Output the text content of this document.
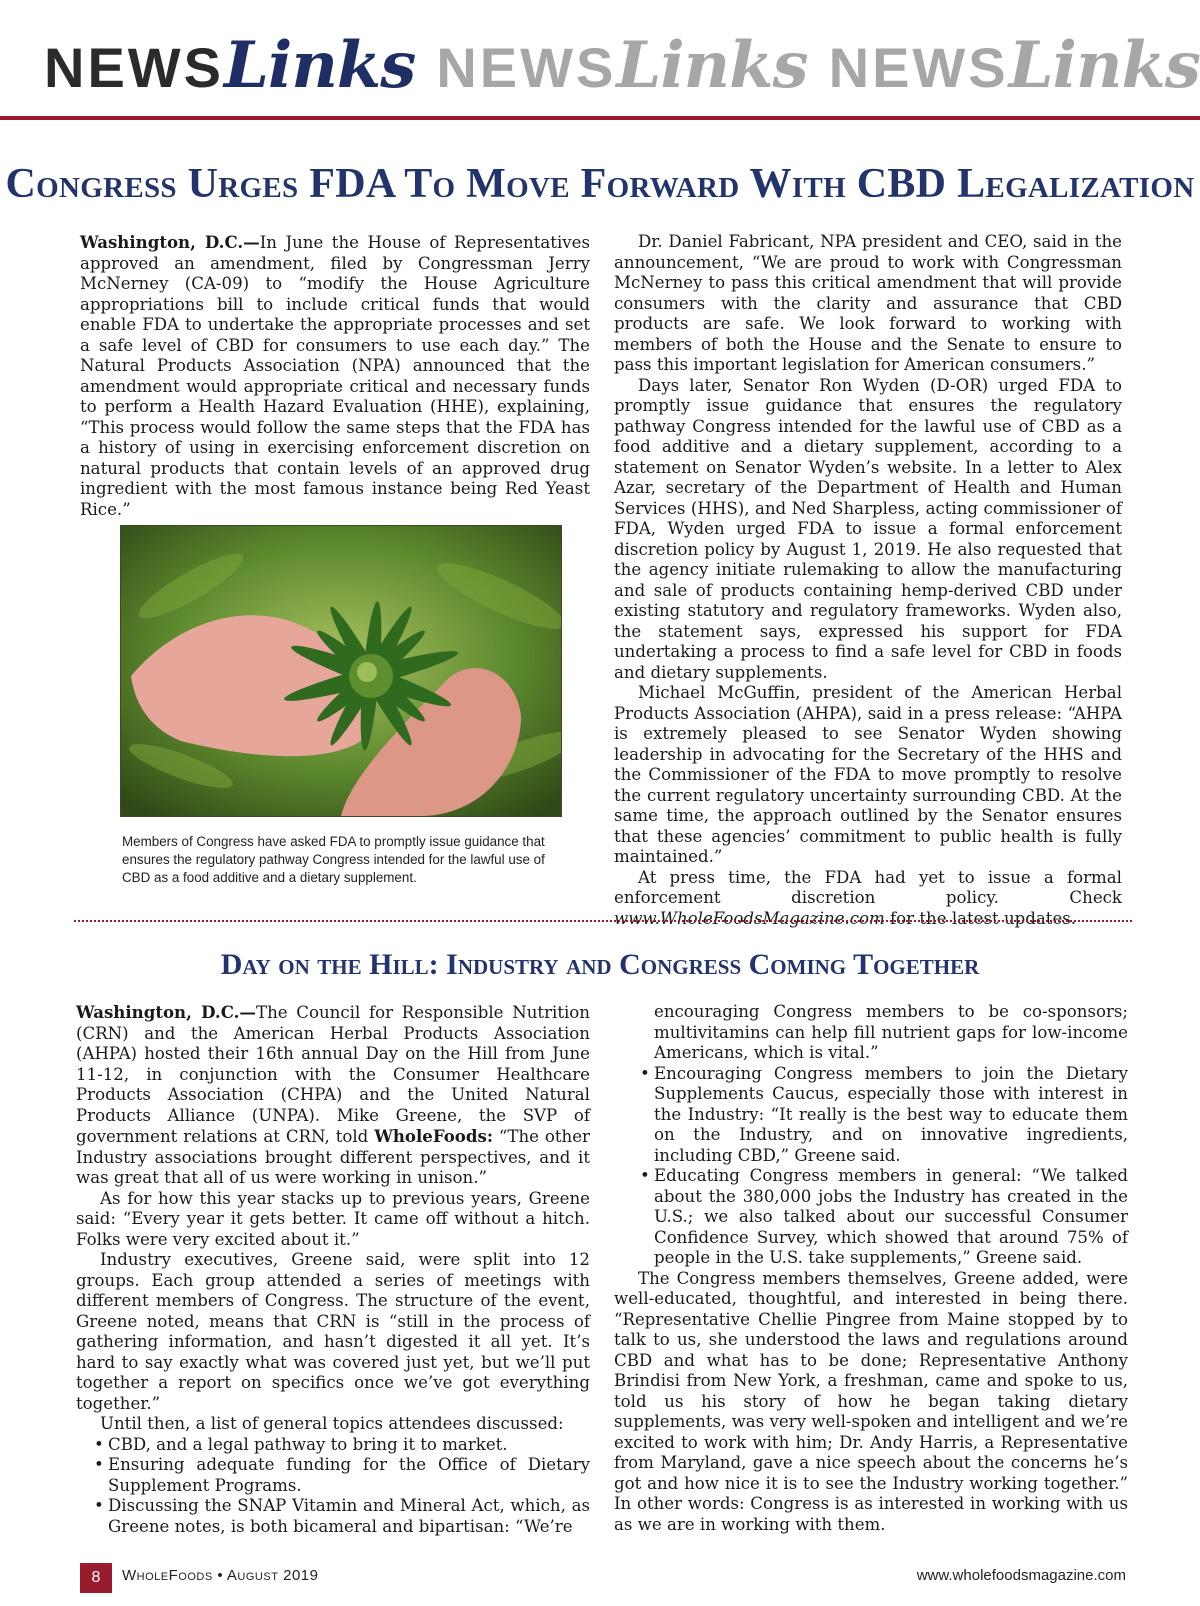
NEWSLinks NEWSLinks NEWSLinks
Congress Urges FDA To Move Forward With CBD Legalization

Washington, D.C.—In June the House of Representatives approved an amendment, filed by Congressman Jerry McNerney (CA-09) to “modify the House Agriculture appropriations bill to include critical funds that would enable FDA to undertake the appropriate processes and set a safe level of CBD for consumers to use each day.” The Natural Products Association (NPA) announced that the amendment would appropriate critical and necessary funds to perform a Health Hazard Evaluation (HHE), explaining, “This process would follow the same steps that the FDA has a history of using in exercising enforcement discretion on natural products that contain levels of an approved drug ingredient with the most famous instance being Red Yeast Rice.”

Members of Congress have asked FDA to promptly issue guidance that ensures the regulatory pathway Congress intended for the lawful use of CBD as a food additive and a dietary supplement.

Dr. Daniel Fabricant, NPA president and CEO, said in the announcement, “We are proud to work with Congressman McNerney to pass this critical amendment that will provide consumers with the clarity and assurance that CBD products are safe. We look forward to working with members of both the House and the Senate to ensure to pass this important legislation for American consumers.”

Days later, Senator Ron Wyden (D-OR) urged FDA to promptly issue guidance that ensures the regulatory pathway Congress intended for the lawful use of CBD as a food additive and a dietary supplement, according to a statement on Senator Wyden’s website. In a letter to Alex Azar, secretary of the Department of Health and Human Services (HHS), and Ned Sharpless, acting commissioner of FDA, Wyden urged FDA to issue a formal enforcement discretion policy by August 1, 2019. He also requested that the agency initiate rulemaking to allow the manufacturing and sale of products containing hemp-derived CBD under existing statutory and regulatory frameworks. Wyden also, the statement says, expressed his support for FDA undertaking a process to find a safe level for CBD in foods and dietary supplements.

Michael McGuffin, president of the American Herbal Products Association (AHPA), said in a press release: “AHPA is extremely pleased to see Senator Wyden showing leadership in advocating for the Secretary of the HHS and the Commissioner of the FDA to move promptly to resolve the current regulatory uncertainty surrounding CBD. At the same time, the approach outlined by the Senator ensures that these agencies’ commitment to public health is fully maintained.”

At press time, the FDA had yet to issue a formal enforcement discretion policy. Check www.WholeFoodsMagazine.com for the latest updates.

Day on the Hill: Industry and Congress Coming Together

Washington, D.C.—The Council for Responsible Nutrition (CRN) and the American Herbal Products Association (AHPA) hosted their 16th annual Day on the Hill from June 11-12, in conjunction with the Consumer Healthcare Products Association (CHPA) and the United Natural Products Alliance (UNPA). Mike Greene, the SVP of government relations at CRN, told WholeFoods: “The other Industry associations brought different perspectives, and it was great that all of us were working in unison.”

As for how this year stacks up to previous years, Greene said: “Every year it gets better. It came off without a hitch. Folks were very excited about it.”

Industry executives, Greene said, were split into 12 groups. Each group attended a series of meetings with different members of Congress. The structure of the event, Greene noted, means that CRN is “still in the process of gathering information, and hasn’t digested it all yet. It’s hard to say exactly what was covered just yet, but we’ll put together a report on specifics once we’ve got everything together.”

Until then, a list of general topics attendees discussed:

• CBD, and a legal pathway to bring it to market.

• Ensuring adequate funding for the Office of Dietary Supplement Programs.

• Discussing the SNAP Vitamin and Mineral Act, which, as Greene notes, is both bicameral and bipartisan: “We’re

encouraging Congress members to be co-sponsors; multivitamins can help fill nutrient gaps for low-income Americans, which is vital.”

• Encouraging Congress members to join the Dietary Supplements Caucus, especially those with interest in the Industry: “It really is the best way to educate them on the Industry, and on innovative ingredients, including CBD,” Greene said.

• Educating Congress members in general: “We talked about the 380,000 jobs the Industry has created in the U.S.; we also talked about our successful Consumer Confidence Survey, which showed that around 75% of people in the U.S. take supplements,” Greene said.

The Congress members themselves, Greene added, were well-educated, thoughtful, and interested in being there. “Representative Chellie Pingree from Maine stopped by to talk to us, she understood the laws and regulations around CBD and what has to be done; Representative Anthony Brindisi from New York, a freshman, came and spoke to us, told us his story of how he began taking dietary supplements, was very well-spoken and intelligent and we’re excited to work with him; Dr. Andy Harris, a Representative from Maryland, gave a nice speech about the concerns he’s got and how nice it is to see the Industry working together.” In other words: Congress is as interested in working with us as we are in working with them.

8	WholeFoods • August 2019	www.wholefoodsmagazine.com
